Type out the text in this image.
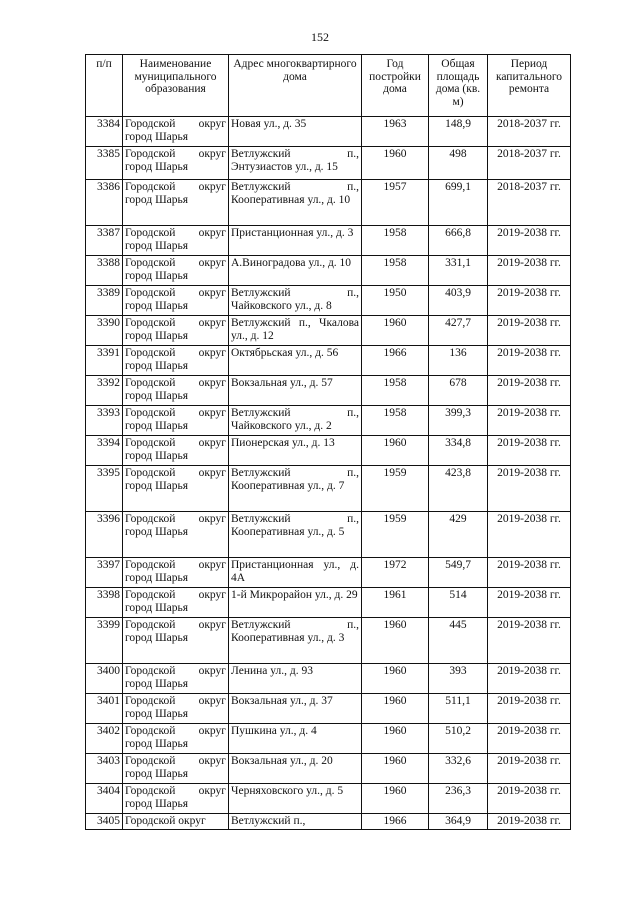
152
п/п	Наименование муниципального образования	Адрес многоквартирного дома	Год постройки дома	Общая площадь дома (кв. м)	Период капитального ремонта
3384	Городской округ город Шарья	Новая ул., д. 35	1963	148,9	2018-2037 гг.
3385	Городской округ город Шарья	Ветлужский п., Энтузиастов ул., д. 15	1960	498	2018-2037 гг.
3386	Городской округ город Шарья	Ветлужский п., Кооперативная ул., д. 10	1957	699,1	2018-2037 гг.
3387	Городской округ город Шарья	Пристанционная ул., д. 3	1958	666,8	2019-2038 гг.
3388	Городской округ город Шарья	А.Виноградова ул., д. 10	1958	331,1	2019-2038 гг.
3389	Городской округ город Шарья	Ветлужский п., Чайковского ул., д. 8	1950	403,9	2019-2038 гг.
3390	Городской округ город Шарья	Ветлужский п., Чкалова ул., д. 12	1960	427,7	2019-2038 гг.
3391	Городской округ город Шарья	Октябрьская ул., д. 56	1966	136	2019-2038 гг.
3392	Городской округ город Шарья	Вокзальная ул., д. 57	1958	678	2019-2038 гг.
3393	Городской округ город Шарья	Ветлужский п., Чайковского ул., д. 2	1958	399,3	2019-2038 гг.
3394	Городской округ город Шарья	Пионерская ул., д. 13	1960	334,8	2019-2038 гг.
3395	Городской округ город Шарья	Ветлужский п., Кооперативная ул., д. 7	1959	423,8	2019-2038 гг.
3396	Городской округ город Шарья	Ветлужский п., Кооперативная ул., д. 5	1959	429	2019-2038 гг.
3397	Городской округ город Шарья	Пристанционная ул., д. 4А	1972	549,7	2019-2038 гг.
3398	Городской округ город Шарья	1-й Микрорайон ул., д. 29	1961	514	2019-2038 гг.
3399	Городской округ город Шарья	Ветлужский п., Кооперативная ул., д. 3	1960	445	2019-2038 гг.
3400	Городской округ город Шарья	Ленина ул., д. 93	1960	393	2019-2038 гг.
3401	Городской округ город Шарья	Вокзальная ул., д. 37	1960	511,1	2019-2038 гг.
3402	Городской округ город Шарья	Пушкина ул., д. 4	1960	510,2	2019-2038 гг.
3403	Городской округ город Шарья	Вокзальная ул., д. 20	1960	332,6	2019-2038 гг.
3404	Городской округ город Шарья	Черняховского ул., д. 5	1960	236,3	2019-2038 гг.
3405	Городской округ	Ветлужский п.,	1966	364,9	2019-2038 гг.
